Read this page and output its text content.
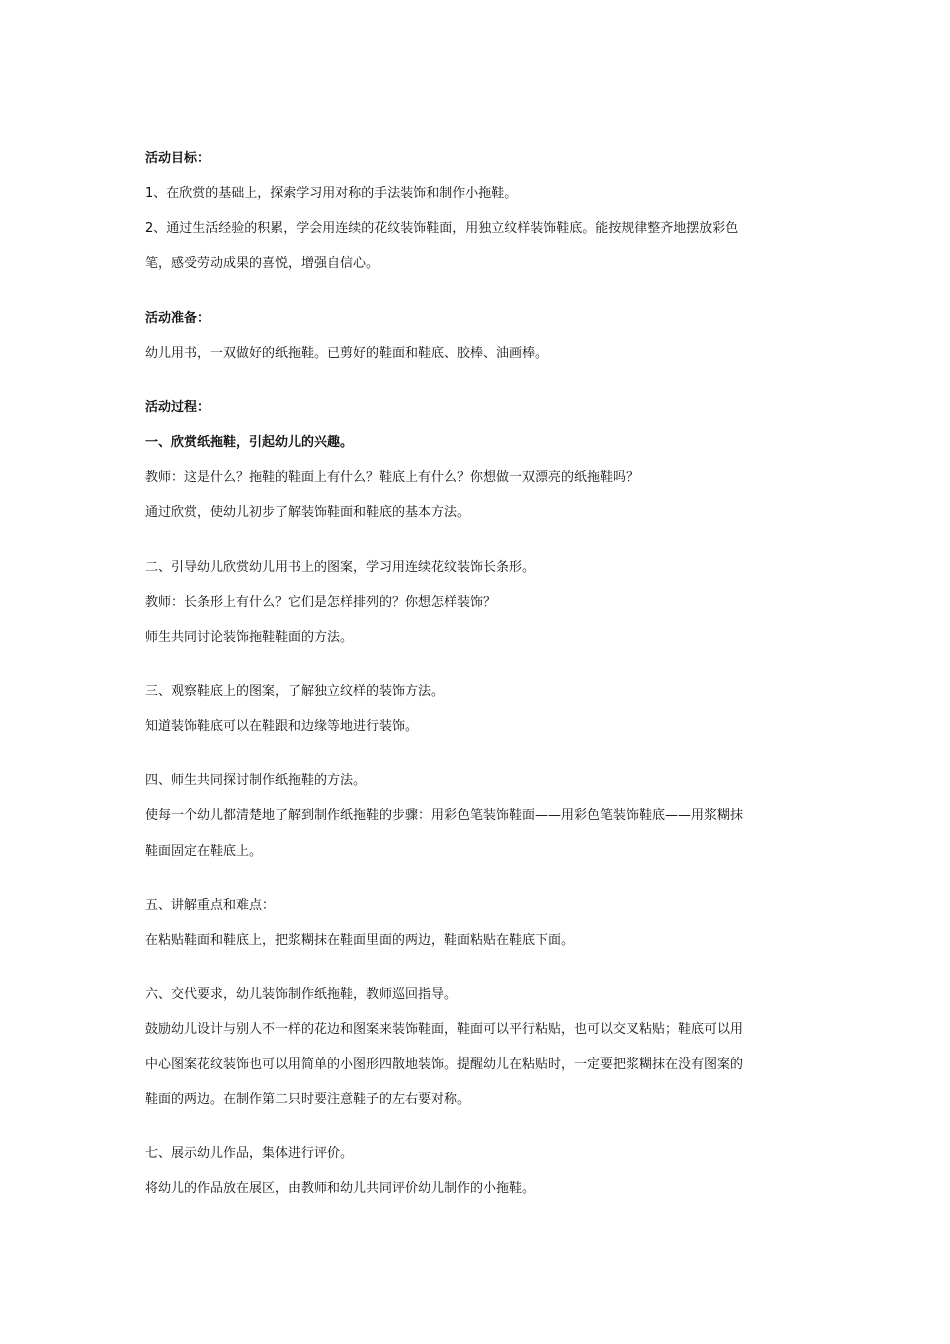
活动目标：
1、在欣赏的基础上，探索学习用对称的手法装饰和制作小拖鞋。
2、通过生活经验的积累，学会用连续的花纹装饰鞋面，用独立纹样装饰鞋底。能按规律整齐地摆放彩色
笔，感受劳动成果的喜悦，增强自信心。
活动准备：
幼儿用书，一双做好的纸拖鞋。已剪好的鞋面和鞋底、胶棒、油画棒。
活动过程：
一、欣赏纸拖鞋，引起幼儿的兴趣。
教师：这是什么？拖鞋的鞋面上有什么？鞋底上有什么？你想做一双漂亮的纸拖鞋吗？
通过欣赏，使幼儿初步了解装饰鞋面和鞋底的基本方法。
二、引导幼儿欣赏幼儿用书上的图案，学习用连续花纹装饰长条形。
教师：长条形上有什么？它们是怎样排列的？你想怎样装饰？
师生共同讨论装饰拖鞋鞋面的方法。
三、观察鞋底上的图案，了解独立纹样的装饰方法。
知道装饰鞋底可以在鞋跟和边缘等地进行装饰。
四、师生共同探讨制作纸拖鞋的方法。
使每一个幼儿都清楚地了解到制作纸拖鞋的步骤：用彩色笔装饰鞋面——用彩色笔装饰鞋底——用浆糊抹
鞋面固定在鞋底上。
五、讲解重点和难点：
在粘贴鞋面和鞋底上，把浆糊抹在鞋面里面的两边，鞋面粘贴在鞋底下面。
六、交代要求，幼儿装饰制作纸拖鞋，教师巡回指导。
鼓励幼儿设计与别人不一样的花边和图案来装饰鞋面，鞋面可以平行粘贴，也可以交叉粘贴；鞋底可以用
中心图案花纹装饰也可以用简单的小图形四散地装饰。提醒幼儿在粘贴时，一定要把浆糊抹在没有图案的
鞋面的两边。在制作第二只时要注意鞋子的左右要对称。
七、展示幼儿作品，集体进行评价。
将幼儿的作品放在展区，由教师和幼儿共同评价幼儿制作的小拖鞋。
